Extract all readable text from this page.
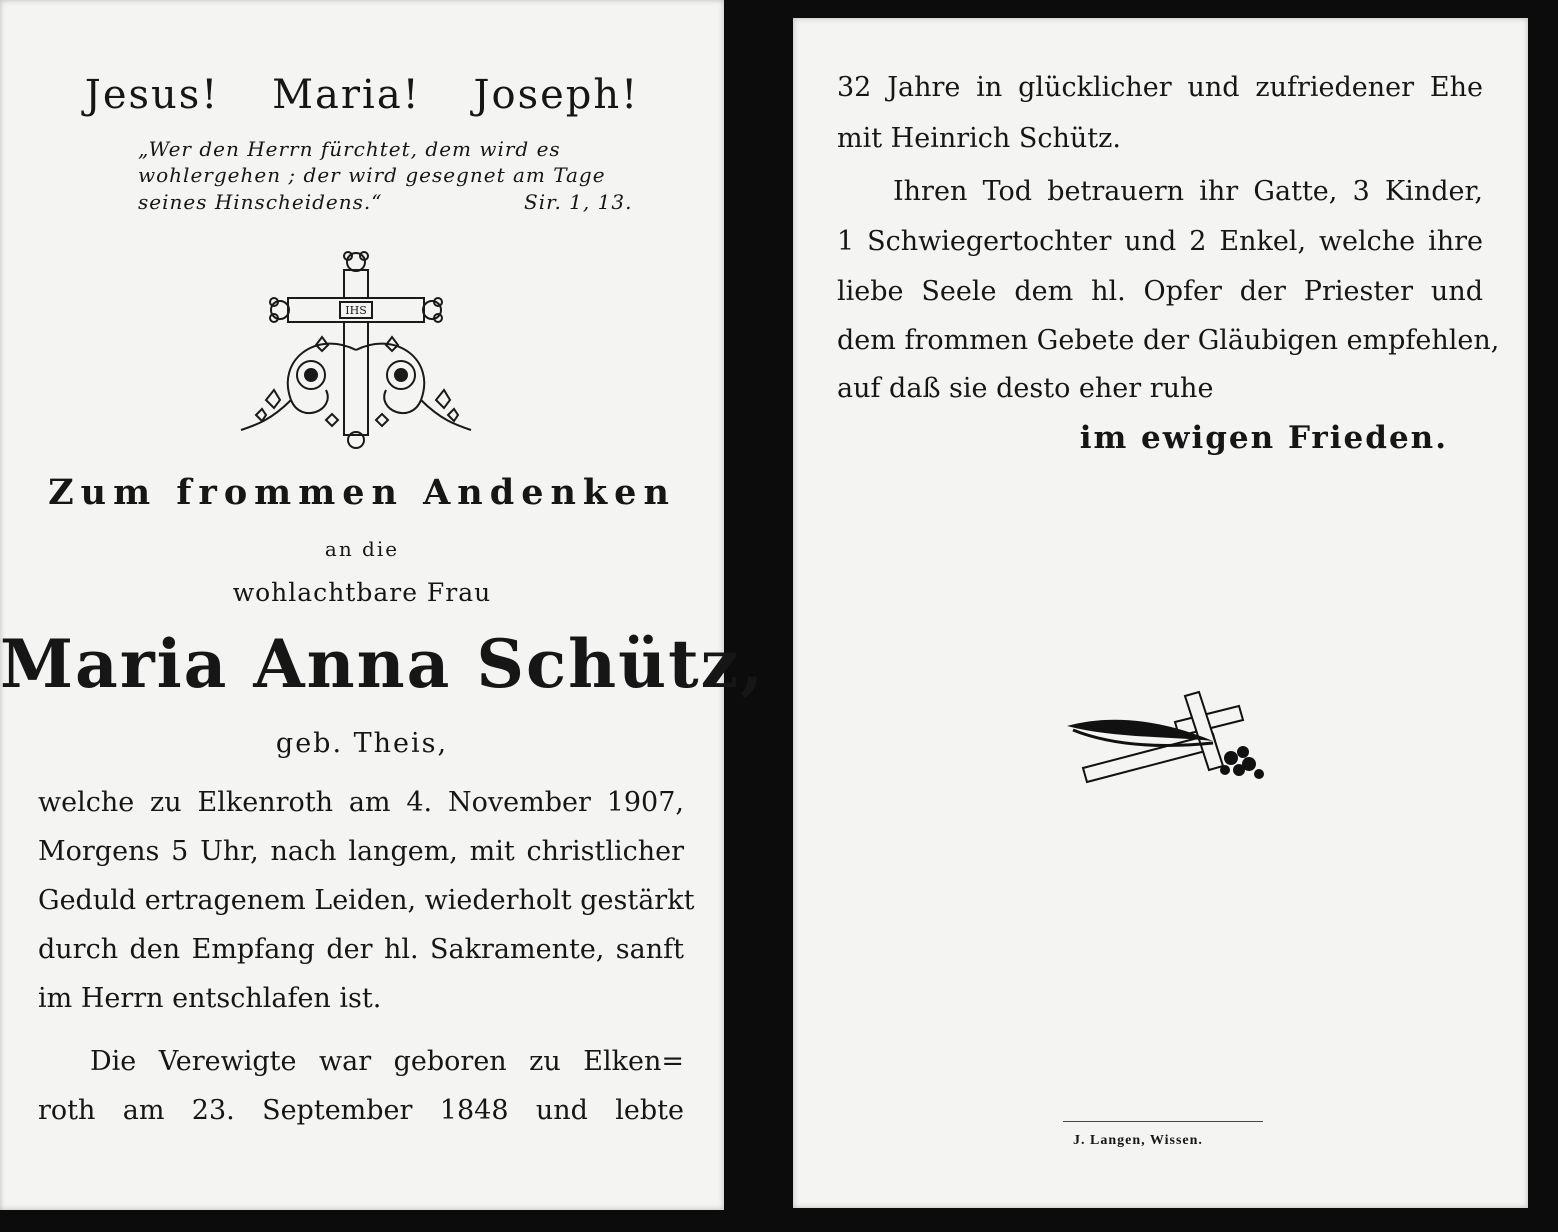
Jesus! Maria! Joseph!
„Wer den Herrn fürchtet, dem wird es
wohlergehen ; der wird gesegnet am Tage
seines Hinscheidens.“	Sir. 1, 13.
IHS
Zum frommen Andenken
an die
wohlachtbare Frau
Maria Anna Schütz,
geb. Theis,
welche zu Elkenroth am 4. November 1907,
Morgens 5 Uhr, nach langem, mit christlicher
Geduld ertragenem Leiden, wiederholt gestärkt
durch den Empfang der hl. Sakramente, sanft
im Herrn entschlafen ist.
Die Verewigte war geboren zu Elken=
roth am 23. September 1848 und lebte
32 Jahre in glücklicher und zufriedener Ehe
mit Heinrich Schütz.
Ihren Tod betrauern ihr Gatte, 3 Kinder,
1 Schwiegertochter und 2 Enkel, welche ihre
liebe Seele dem hl. Opfer der Priester und
dem frommen Gebete der Gläubigen empfehlen,
auf daß sie desto eher ruhe
im ewigen Frieden.
J. Langen, Wissen.
